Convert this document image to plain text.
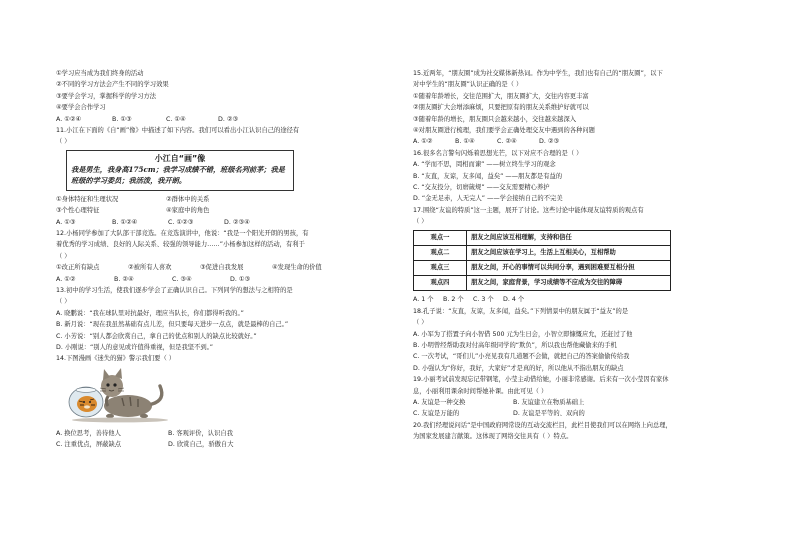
①学习应当成为我们终身的活动
②不同的学习方法会产生不同的学习效果
③要学会学习，掌握科学的学习方法
④要学会合作学习
A. ①②④	B. ①③	C. ①④	D. ②③
11.小江在下面的《自“画”像》中描述了如下内容。我们可以看出小江认识自己的途径有
（ ）
小江自“画”像
我是男生，我身高175cm；我学习成绩不错，班级名列前茅；我是班级的学习委员；我活泼，我开朗。
①身体特征和生理状况	②群体中的关系
③个性心理特征	④家庭中的角色
A. ①③	B. ①②④	C. ①②③	D. ②③④
12.小杨同学参加了大队部干部竞选。在竞选演讲中，他说：“我是一个阳光开朗的男孩，有
着优秀的学习成绩、良好的人际关系、较强的领导能力……”小杨参加这样的活动，有利于
（ ）
①改正所有缺点	②被所有人喜欢	③促进自我发展	④发现生命的价值
A. ①②	B. ②④	C. ③④	D. ①③
13.初中的学习生活，使我们逐步学会了正确认识自己。下列同学的想法与之相符的是
（ ）
A. 晓鹏说：“我在球队里对抗最好，理应当队长，你们都得听我的。”
B. 新月说：“现在我虽然基础有点儿差，但只要每天进步一点点，就是最棒的自己。”
C. 小芳说：“别人都会欣赏自己，拿自己的优点和别人的缺点比较就好。”
D. 小刚说：“别人的意见或许值得重视，但是我坚不到。”
14.下图漫画《迷失的猫》警示我们要（ ）
A. 换位思考，善待他人	B. 客观评价，认识自我
C. 注重优点，屏蔽缺点	D. 欣赏自己，骄傲自大
15.近两年，“朋友圈”成为社交媒体新热词。作为中学生，我们也有自己的“朋友圈”，以下
对中学生的“朋友圈”认识正确的是（ ）
①随着年龄增长，交往范围扩大，朋友圈扩大，交往内容更丰富
②朋友圈扩大会增添麻烦，只要把原有的朋友关系维护好就可以
③随着年龄的增长，朋友圈只会越来越小，交往越来越深入
④对朋友圈进行梳理，我们要学会正确处理交友中遇到的各种问题
A. ①②	B. ①④	C. ②④	D. ②③
16.很多名言警句闪烁着思想光芒，以下对应不合理的是（ ）
A. “学而不思，罔相而谏” ——树立终生学习的观念
B. “友直，友谅，友多闻，益矣” ——朋友都是有益的
C. “交友投分，切磨箴规” ——交友需要精心养护
D. “金无足赤，人无完人” ——学会接纳自己的不完美
17.围绕“友谊的特质”这一主题，展开了讨论。这些讨论中能体现友谊特质的观点有
（ ）
观点一	朋友之间应该互相理解，支持和信任
观点二	朋友之间应该在学习上，生活上互相关心，互相帮助
观点三	朋友之间，开心的事情可以共同分享，遇到困难要互相分担
观点四	朋友之间，家庭背景，学习成绩等不应成为交往的障碍
A. 1 个 B. 2 个 C. 3 个 D. 4 个
18.孔子说：“友直，友谅，友多闻，益矣。”下列情景中的朋友属于“益友”的是
（ ）
A. 小军为了搭置子向小智借 500 元为生日会，小智立即慷慨应允，还赶过了他
B. 小明曾经帮助我对付高年级同学的“欺负”，所以我也帮他藏偷来的手机
C. 一次考试，“哥们儿”小亮见我有几道题不会做，就把自己的答案偷偷传给我
D. 小强认为“你好，我好，大家好”才是真的好，所以他从不指出朋友的缺点
19.小丽考试前发现忘记带钢笔，小莹主动借给她，小丽非常感谢。后来有一次小莹因有家休
息，小丽利用课余时间帮她补课。由此可见（ ）
A. 友谊是一种交换	B. 友谊建立在物质基础上
C. 友谊是万能的	D. 友谊是平等的、双向的
20.我们经理说问话“是中国政府网常设的互动交流栏目，此栏目使我们可以在网络上向总理，
为国家发展建言献策。这体现了网络交往具有（ ）特点。
